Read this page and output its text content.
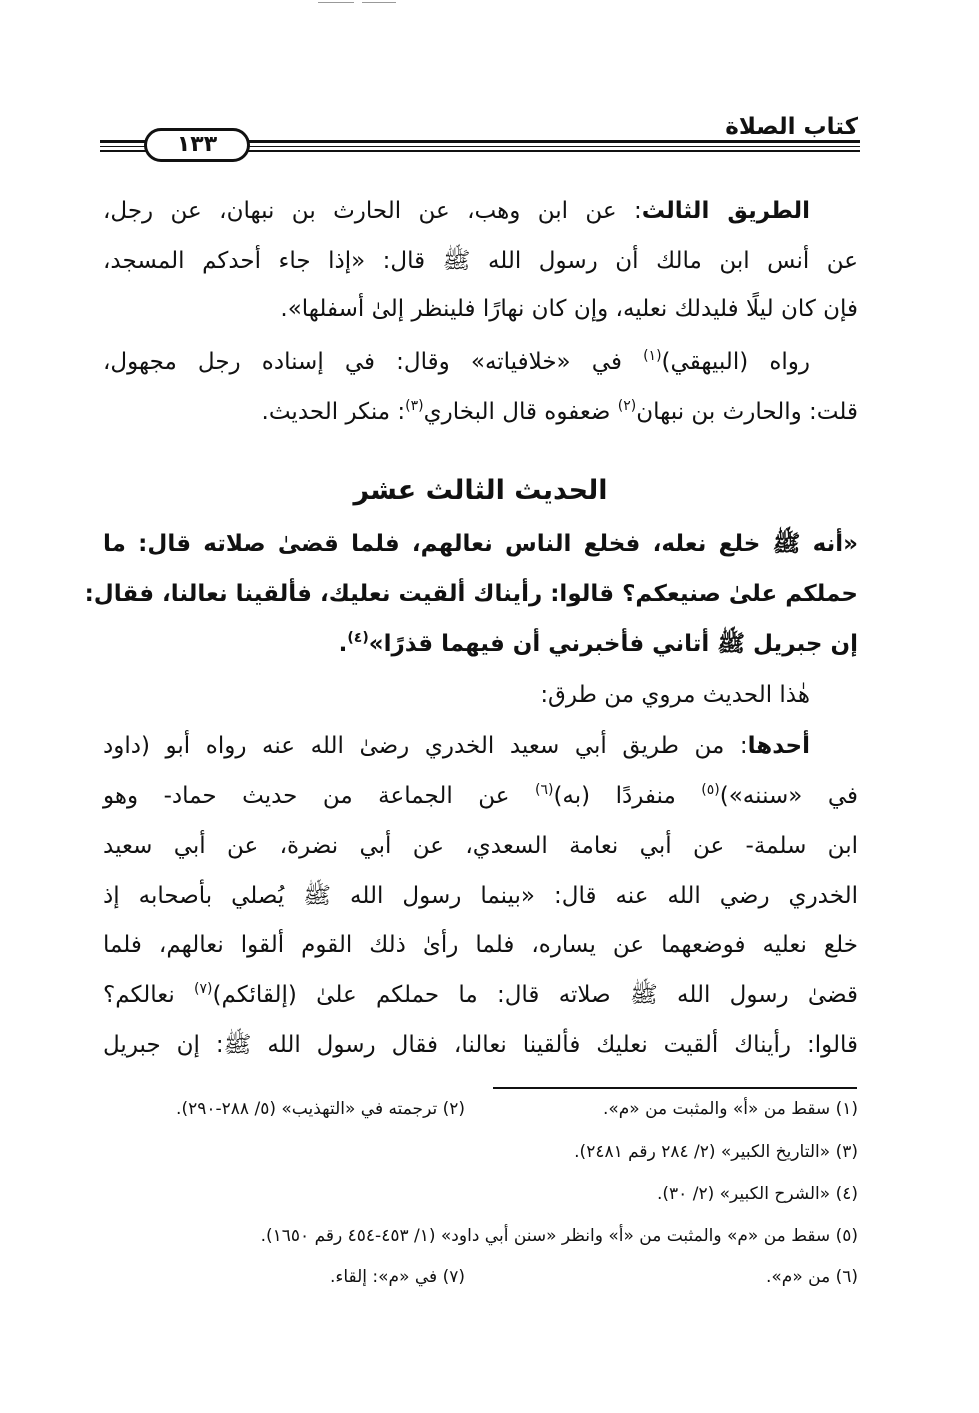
كتاب الصلاة
١٣٣
الطريق الثالث: عن ابن وهب، عن الحارث بن نبهان، عن رجل،
عن أنس ابن مالك أن رسول الله ﷺ قال: «إذا جاء أحدكم المسجد،
فإن كان ليلًا فليدلك نعليه، وإن كان نهارًا فلينظر إلىٰ أسفلها».
رواه (البيهقي)$^{(١)}$ في «خلافياته» وقال: في إسناده رجل مجهول،
قلت: والحارث بن نبهان$^{(٢)}$ ضعفوه قال البخاري$^{(٣)}$: منكر الحديث.
الحديث الثالث عشر
«أنه ﷺ خلع نعله، فخلع الناس نعالهم، فلما قضىٰ صلاته قال: ما
حملكم علىٰ صنيعكم؟ قالوا: رأيناك ألقيت نعليك، فألقينا نعالنا، فقال:
إن جبريل ﷺ أتاني فأخبرني أن فيهما قذرًا»$^{(٤)}$.
هٰذا الحديث مروي من طرق:
أحدها: من طريق أبي سعيد الخدري رضىٰ الله عنه رواه أبو (داود
في «سننه»)$^{(٥)}$ منفردًا (به)$^{(٦)}$ عن الجماعة من حديث حماد- وهو
ابن سلمة- عن أبي نعامة السعدي، عن أبي نضرة، عن أبي سعيد
الخدري رضي الله عنه قال: «بينما رسول الله ﷺ يُصلي بأصحابه إذ
خلع نعليه فوضعهما عن يساره، فلما رأىٰ ذلك القوم ألقوا نعالهم، فلما
قضىٰ رسول الله ﷺ صلاته قال: ما حملكم علىٰ (إلقائكم)$^{(٧)}$ نعالكم؟
قالوا: رأيناك ألقيت نعليك فألقينا نعالنا، فقال رسول الله ﷺ: إن جبريل
(١) سقط من «أ» والمثبت من «م».
(٢) ترجمته في «التهذيب» (٥/ ٢٨٨-٢٩٠).
(٣) «التاريخ الكبير» (٢/ ٢٨٤ رقم ٢٤٨١).
(٤) «الشرح الكبير» (٢/ ٣٠).
(٥) سقط من «م» والمثبت من «أ» وانظر «سنن أبي داود» (١/ ٤٥٣-٤٥٤ رقم ١٦٥٠).
(٦) من «م».
(٧) في «م»: إلقاء.
